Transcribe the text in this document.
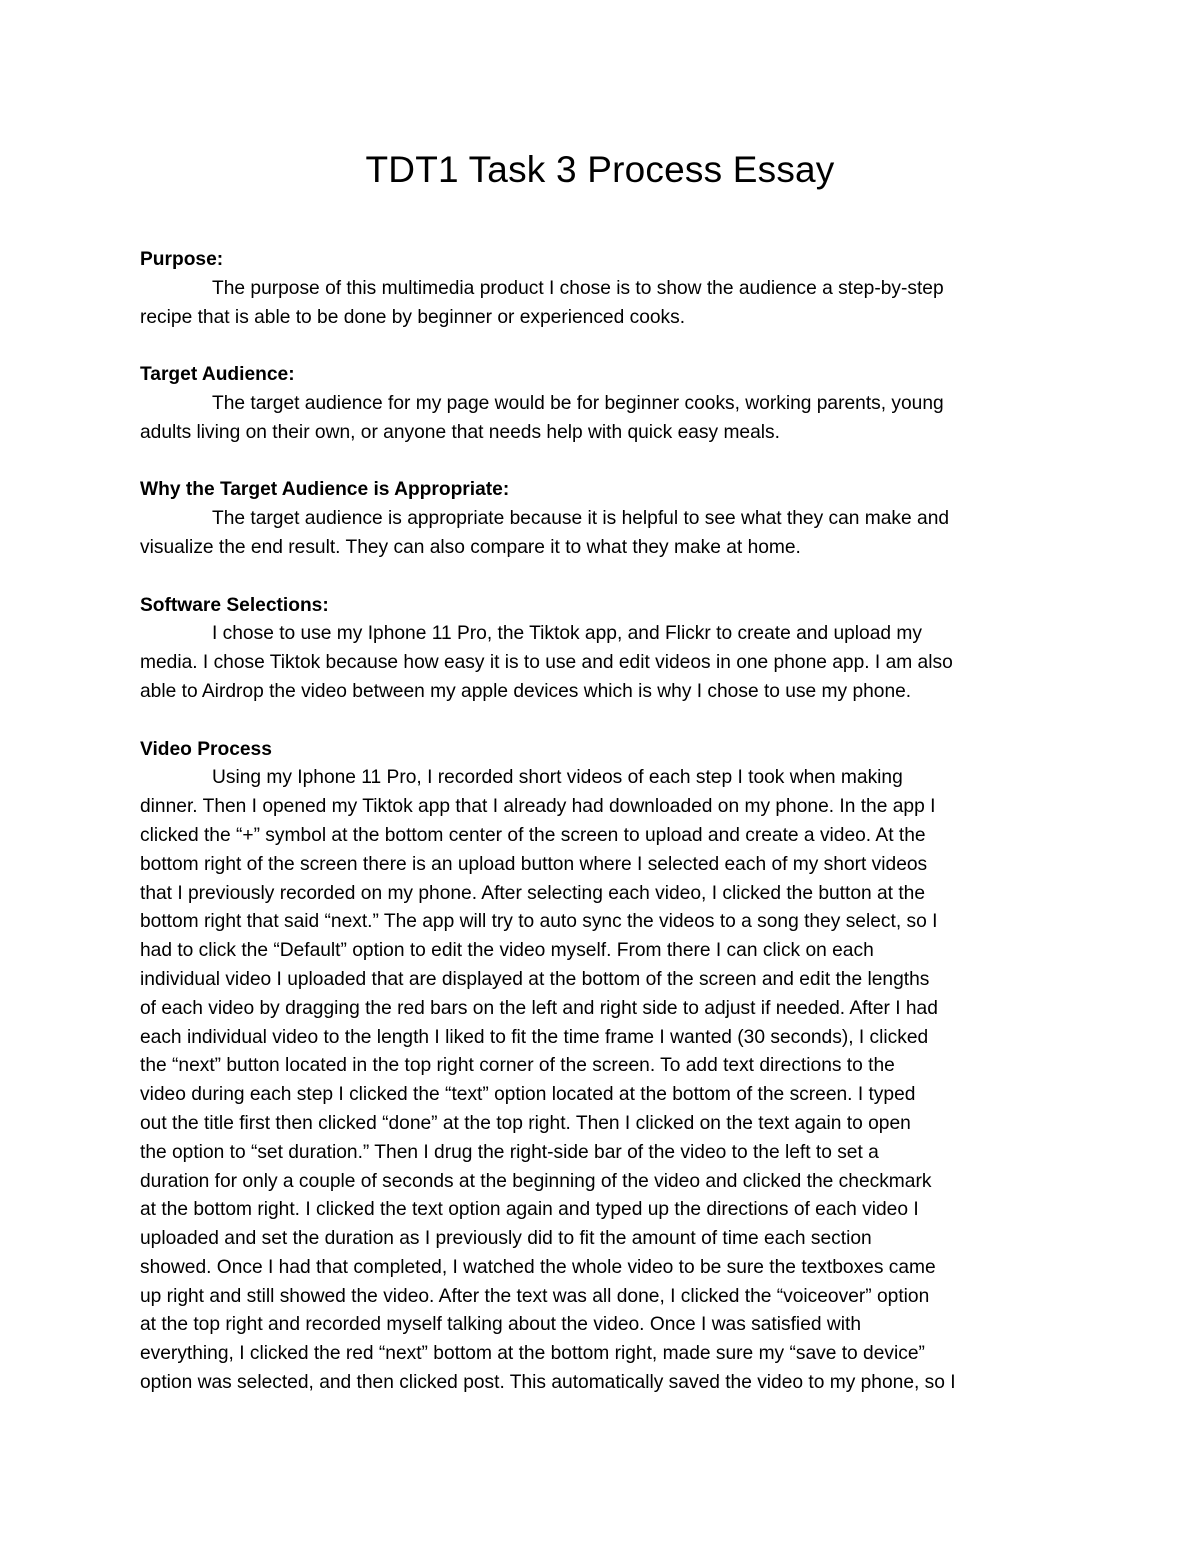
TDT1 Task 3 Process Essay

Purpose:

The purpose of this multimedia product I chose is to show the audience a step-by-step
recipe that is able to be done by beginner or experienced cooks.

Target Audience:

The target audience for my page would be for beginner cooks, working parents, young
adults living on their own, or anyone that needs help with quick easy meals.

Why the Target Audience is Appropriate:

The target audience is appropriate because it is helpful to see what they can make and
visualize the end result. They can also compare it to what they make at home.

Software Selections:

I chose to use my Iphone 11 Pro, the Tiktok app, and Flickr to create and upload my
media. I chose Tiktok because how easy it is to use and edit videos in one phone app. I am also
able to Airdrop the video between my apple devices which is why I chose to use my phone.

Video Process

Using my Iphone 11 Pro, I recorded short videos of each step I took when making
dinner. Then I opened my Tiktok app that I already had downloaded on my phone. In the app I
clicked the “+” symbol at the bottom center of the screen to upload and create a video. At the
bottom right of the screen there is an upload button where I selected each of my short videos
that I previously recorded on my phone. After selecting each video, I clicked the button at the
bottom right that said “next.” The app will try to auto sync the videos to a song they select, so I
had to click the “Default” option to edit the video myself. From there I can click on each
individual video I uploaded that are displayed at the bottom of the screen and edit the lengths
of each video by dragging the red bars on the left and right side to adjust if needed. After I had
each individual video to the length I liked to fit the time frame I wanted (30 seconds), I clicked
the “next” button located in the top right corner of the screen. To add text directions to the
video during each step I clicked the “text” option located at the bottom of the screen. I typed
out the title first then clicked “done” at the top right. Then I clicked on the text again to open
the option to “set duration.” Then I drug the right-side bar of the video to the left to set a
duration for only a couple of seconds at the beginning of the video and clicked the checkmark
at the bottom right. I clicked the text option again and typed up the directions of each video I
uploaded and set the duration as I previously did to fit the amount of time each section
showed. Once I had that completed, I watched the whole video to be sure the textboxes came
up right and still showed the video. After the text was all done, I clicked the “voiceover” option
at the top right and recorded myself talking about the video. Once I was satisfied with
everything, I clicked the red “next” bottom at the bottom right, made sure my “save to device”
option was selected, and then clicked post. This automatically saved the video to my phone, so I
